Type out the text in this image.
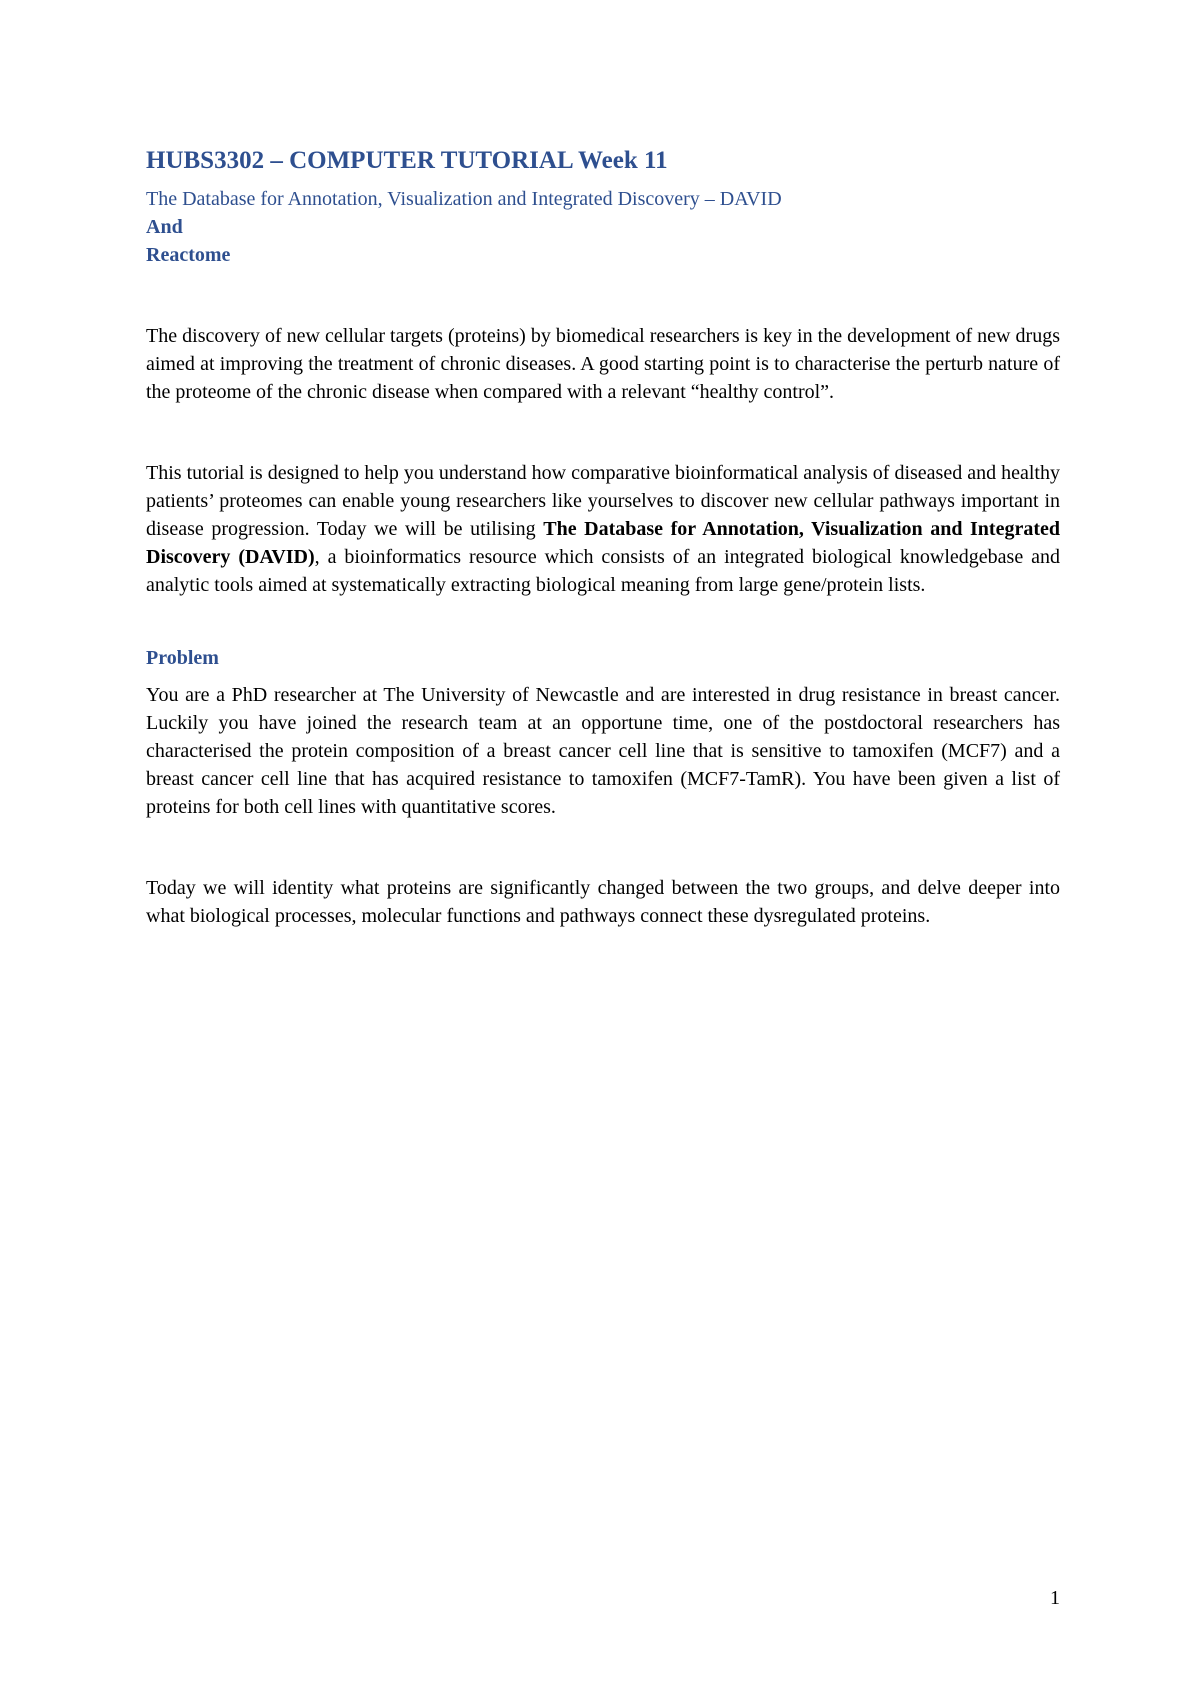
HUBS3302 – COMPUTER TUTORIAL Week 11

The Database for Annotation, Visualization and Integrated Discovery – DAVID

And

Reactome

The discovery of new cellular targets (proteins) by biomedical researchers is key in the development of new drugs aimed at improving the treatment of chronic diseases. A good starting point is to characterise the perturb nature of the proteome of the chronic disease when compared with a relevant “healthy control”.

This tutorial is designed to help you understand how comparative bioinformatical analysis of diseased and healthy patients’ proteomes can enable young researchers like yourselves to discover new cellular pathways important in disease progression. Today we will be utilising The Database for Annotation, Visualization and Integrated Discovery (DAVID), a bioinformatics resource which consists of an integrated biological knowledgebase and analytic tools aimed at systematically extracting biological meaning from large gene/protein lists.

Problem

You are a PhD researcher at The University of Newcastle and are interested in drug resistance in breast cancer. Luckily you have joined the research team at an opportune time, one of the postdoctoral researchers has characterised the protein composition of a breast cancer cell line that is sensitive to tamoxifen (MCF7) and a breast cancer cell line that has acquired resistance to tamoxifen (MCF7-TamR). You have been given a list of proteins for both cell lines with quantitative scores.

Today we will identity what proteins are significantly changed between the two groups, and delve deeper into what biological processes, molecular functions and pathways connect these dysregulated proteins.

1
